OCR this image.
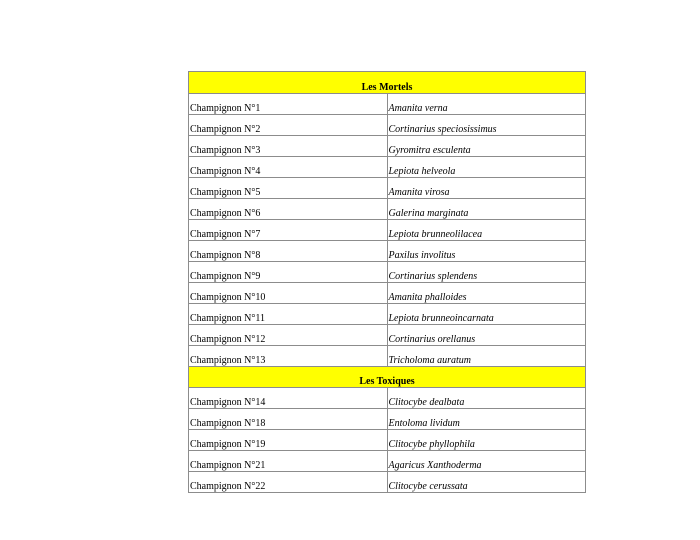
Les Mortels	
Champignon N°1	Amanita verna
Champignon N°2	Cortinarius speciosissimus
Champignon N°3	Gyromitra esculenta
Champignon N°4	Lepiota helveola
Champignon N°5	Amanita virosa
Champignon N°6	Galerina marginata
Champignon N°7	Lepiota brunneolilacea
Champignon N°8	Paxilus involitus
Champignon N°9	Cortinarius splendens
Champignon N°10	Amanita phalloides
Champignon N°11	Lepiota brunneoincarnata
Champignon N°12	Cortinarius orellanus
Champignon N°13	Tricholoma auratum
Les Toxiques	
Champignon N°14	Clitocybe dealbata
Champignon N°18	Entoloma lividum
Champignon N°19	Clitocybe phyllophila
Champignon N°21	Agaricus Xanthoderma
Champignon N°22	Clitocybe cerussata
